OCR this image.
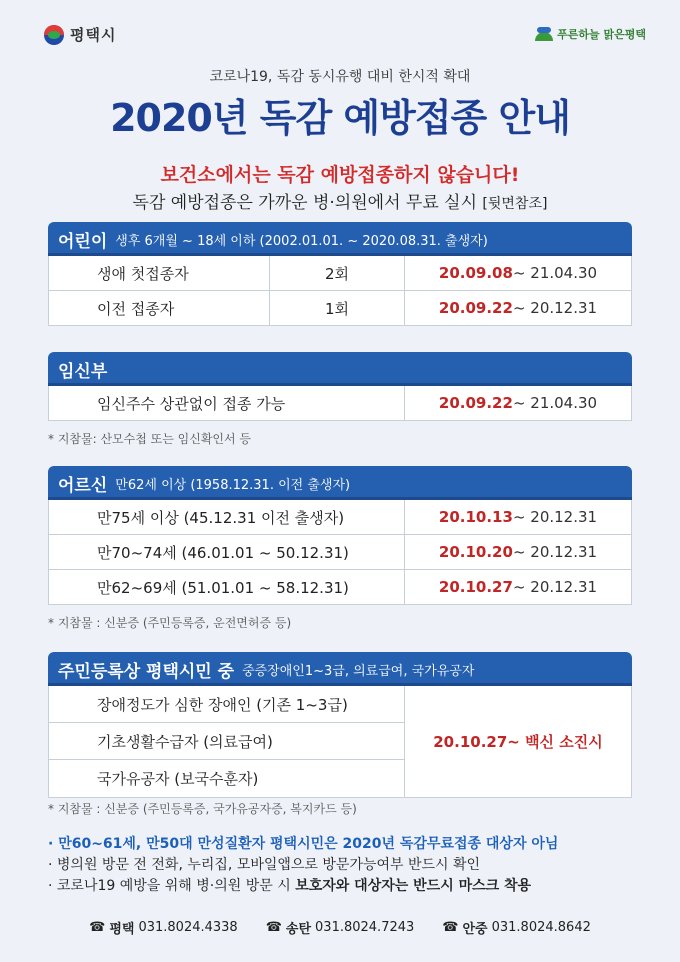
평택시	푸른하늘 맑은평택
코로나19, 독감 동시유행 대비 한시적 확대
2020년 독감 예방접종 안내
보건소에서는 독감 예방접종하지 않습니다!
독감 예방접종은 가까운 병·의원에서 무료 실시 [뒷면참조]
어린이 생후 6개월 ~ 18세 이하 (2002.01.01. ~ 2020.08.31. 출생자)
생애 첫접종자	2회	20.09.08 ~ 21.04.30
이전 접종자	1회	20.09.22 ~ 20.12.31
임신부
임신주수 상관없이 접종 가능	20.09.22 ~ 21.04.30
* 지참물: 산모수첩 또는 임신확인서 등
어르신 만62세 이상 (1958.12.31. 이전 출생자)
만75세 이상 (45.12.31 이전 출생자)	20.10.13 ~ 20.12.31
만70~74세 (46.01.01 ~ 50.12.31)	20.10.20 ~ 20.12.31
만62~69세 (51.01.01 ~ 58.12.31)	20.10.27 ~ 20.12.31
* 지참물 : 신분증 (주민등록증, 운전면허증 등)
주민등록상 평택시민 중 중증장애인1~3급, 의료급여, 국가유공자
장애정도가 심한 장애인 (기존 1~3급)
기초생활수급자 (의료급여)
국가유공자 (보국수훈자)
20.10.27 ~ 백신 소진시
* 지참물 : 신분증 (주민등록증, 국가유공자증, 복지카드 등)
· 만60~61세, 만50대 만성질환자 평택시민은 2020년 독감무료접종 대상자 아님
· 병의원 방문 전 전화, 누리집, 모바일앱으로 방문가능여부 반드시 확인
· 코로나19 예방을 위해 병·의원 방문 시 보호자와 대상자는 반드시 마스크 착용
☎ 평택 031.8024.4338 ☎ 송탄 031.8024.7243 ☎ 안중 031.8024.8642
